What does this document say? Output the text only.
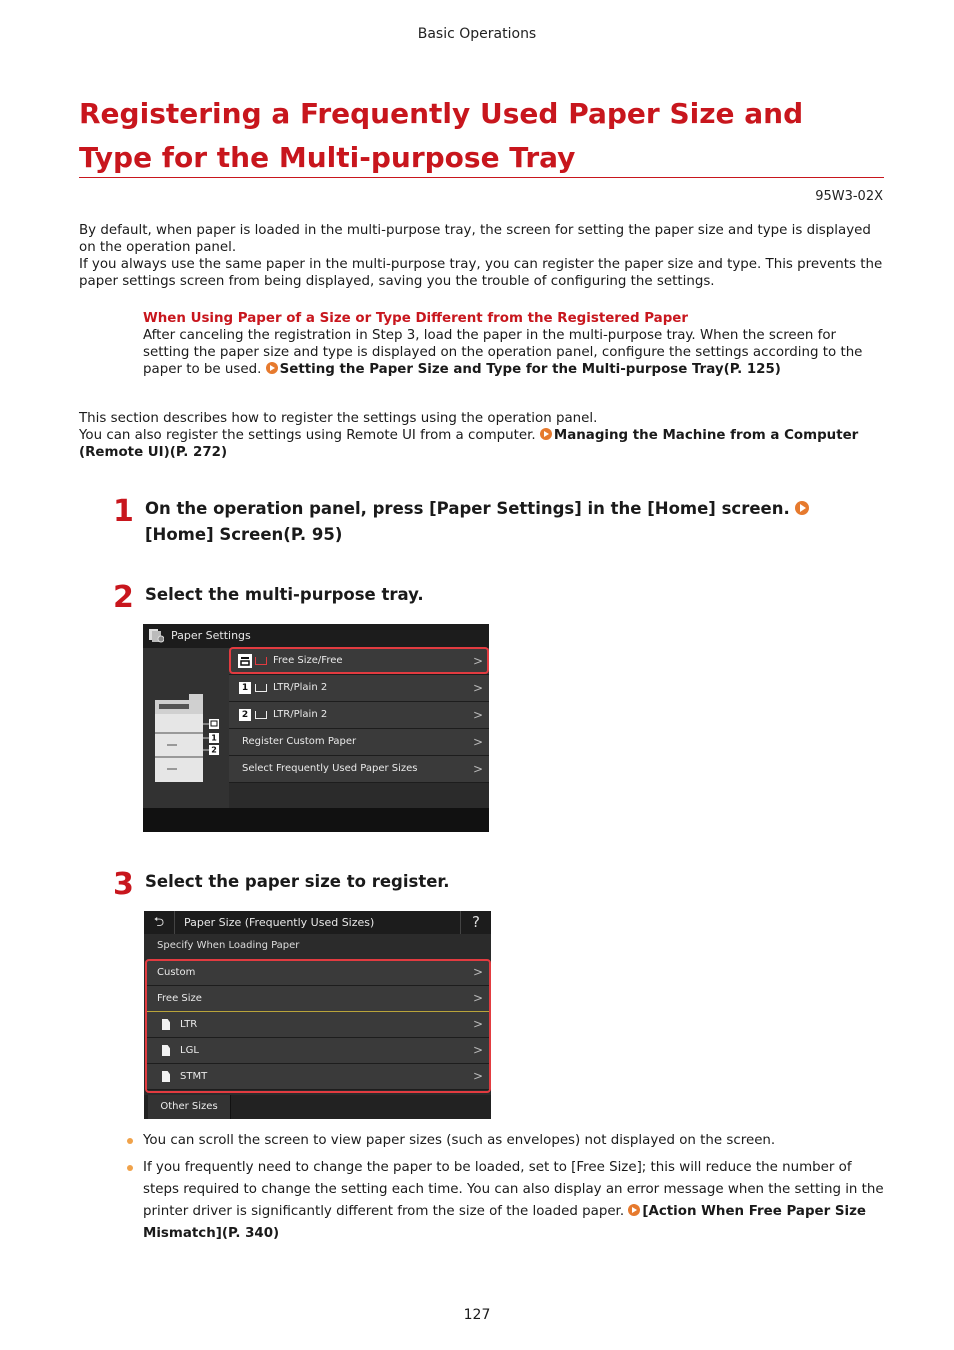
Basic Operations
Registering a Frequently Used Paper Size and Type for the Multi-purpose Tray
95W3-02X
By default, when paper is loaded in the multi-purpose tray, the screen for setting the paper size and type is displayed on the operation panel.
If you always use the same paper in the multi-purpose tray, you can register the paper size and type. This prevents the paper settings screen from being displayed, saving you the trouble of configuring the settings.
When Using Paper of a Size or Type Different from the Registered Paper
After canceling the registration in Step 3, load the paper in the multi-purpose tray. When the screen for setting the paper size and type is displayed on the operation panel, configure the settings according to the paper to be used. Setting the Paper Size and Type for the Multi-purpose Tray(P. 125)
This section describes how to register the settings using the operation panel.
You can also register the settings using Remote UI from a computer. Managing the Machine from a Computer (Remote UI)(P. 272)
1 On the operation panel, press [Paper Settings] in the [Home] screen. [Home] Screen(P. 95)
2 Select the multi-purpose tray.
Paper Settings
2
1
Free Size/Free	>
1 LTR/Plain 2	>
2 LTR/Plain 2	>
Register Custom Paper	>
Select Frequently Used Paper Sizes	>
3 Select the paper size to register.
⮌	Paper Size (Frequently Used Sizes)	?
Specify When Loading Paper
Custom	>
Free Size	>
LTR	>
LGL	>
STMT	>
Other Sizes
You can scroll the screen to view paper sizes (such as envelopes) not displayed on the screen.
If you frequently need to change the paper to be loaded, set to [Free Size]; this will reduce the number of steps required to change the setting each time. You can also display an error message when the setting in the printer driver is significantly different from the size of the loaded paper. [Action When Free Paper Size Mismatch](P. 340)
127
